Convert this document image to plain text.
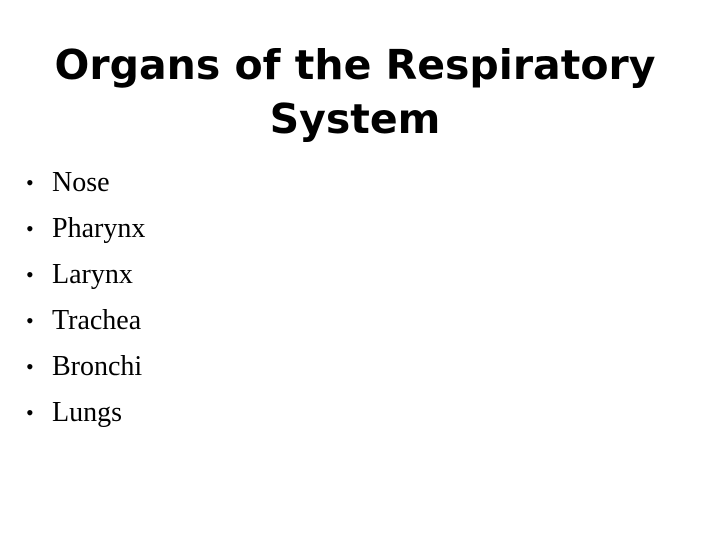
Organs of the Respiratory
System
• Nose
• Pharynx
• Larynx
• Trachea
• Bronchi
• Lungs
